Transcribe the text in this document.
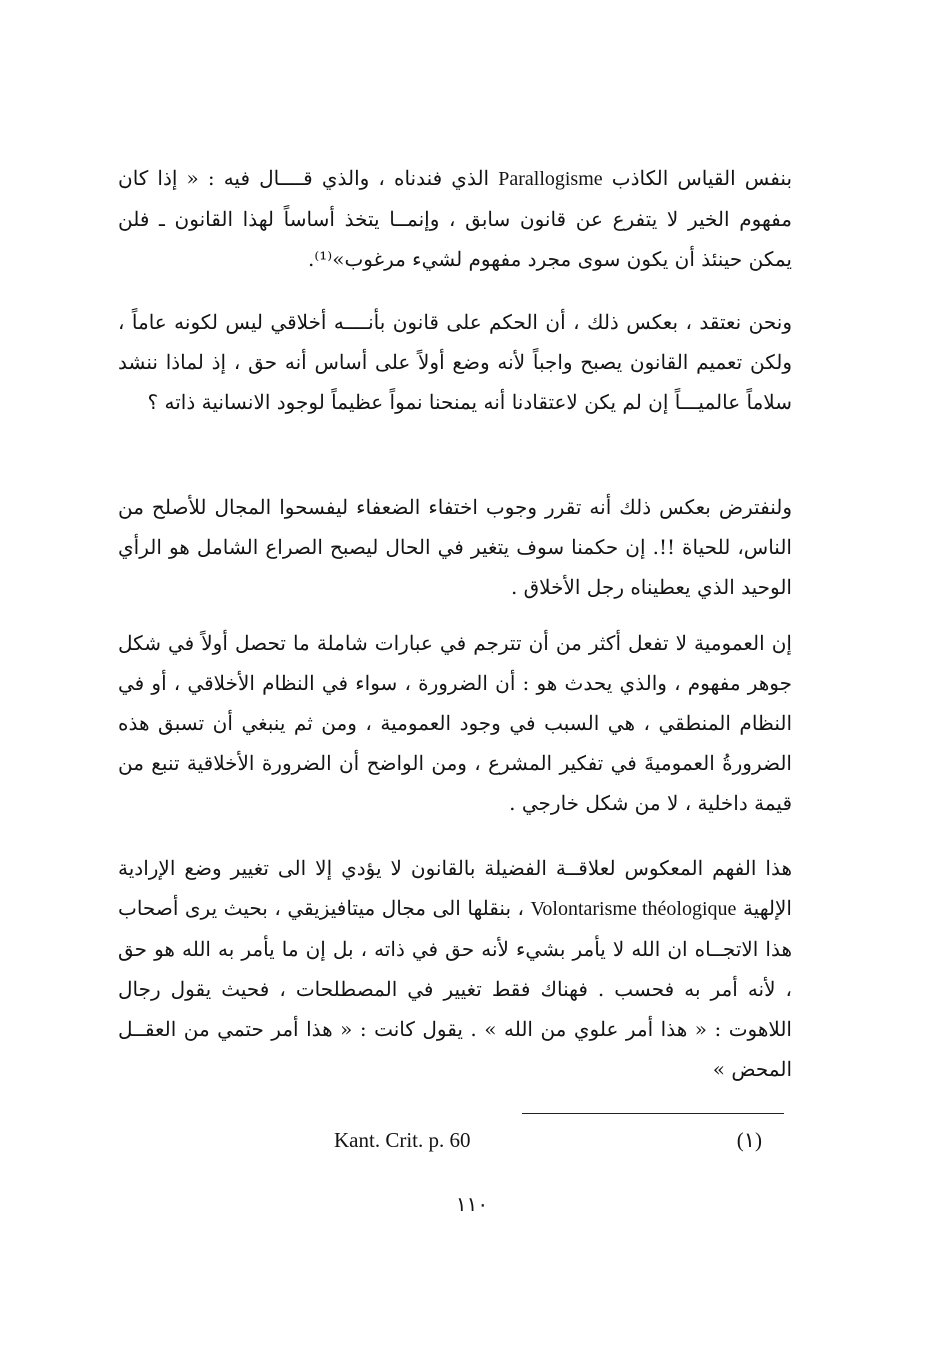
بنفس القياس الكاذب Parallogisme الذي فندناه ، والذي قــــال فيه : « إذا كان مفهوم الخير لا يتفرع عن قانون سابق ، وإنمــا يتخذ أساساً لهذا القانون ـ فلن يمكن حينئذ أن يكون سوى مجرد مفهوم لشيء مرغوب»⁽¹⁾.

ونحن نعتقد ، بعكس ذلك ، أن الحكم على قانون بأنــــه أخلاقي ليس لكونه عاماً ، ولكن تعميم القانون يصبح واجباً لأنه وضع أولاً على أساس أنه حق ، إذ لماذا ننشد سلاماً عالميـــاً إن لم يكن لاعتقادنا أنه يمنحنا نمواً عظيماً لوجود الانسانية ذاته ؟

ولنفترض بعكس ذلك أنه تقرر وجوب اختفاء الضعفاء ليفسحوا المجال للأصلح من الناس، للحياة !!. إن حكمنا سوف يتغير في الحال ليصبح الصراع الشامل هو الرأي الوحيد الذي يعطيناه رجل الأخلاق .

إن العمومية لا تفعل أكثر من أن تترجم في عبارات شاملة ما تحصل أولاً في شكل جوهر مفهوم ، والذي يحدث هو : أن الضرورة ، سواء في النظام الأخلاقي ، أو في النظام المنطقي ، هي السبب في وجود العمومية ، ومن ثم ينبغي أن تسبق هذه الضرورةُ العموميةَ في تفكير المشرع ، ومن الواضح أن الضرورة الأخلاقية تنبع من قيمة داخلية ، لا من شكل خارجي .

هذا الفهم المعكوس لعلاقــة الفضيلة بالقانون لا يؤدي إلا الى تغيير وضع الإرادية الإلهية Volontarisme théologique ، بنقلها الى مجال ميتافيزيقي ، بحيث يرى أصحاب هذا الاتجــاه ان الله لا يأمر بشيء لأنه حق في ذاته ، بل إن ما يأمر به الله هو حق ، لأنه أمر به فحسب . فهناك فقط تغيير في المصطلحات ، فحيث يقول رجال اللاهوت : « هذا أمر علوي من الله » . يقول كانت : « هذا أمر حتمي من العقــل المحض »

(١)
Kant. Crit. p. 60
١١٠
